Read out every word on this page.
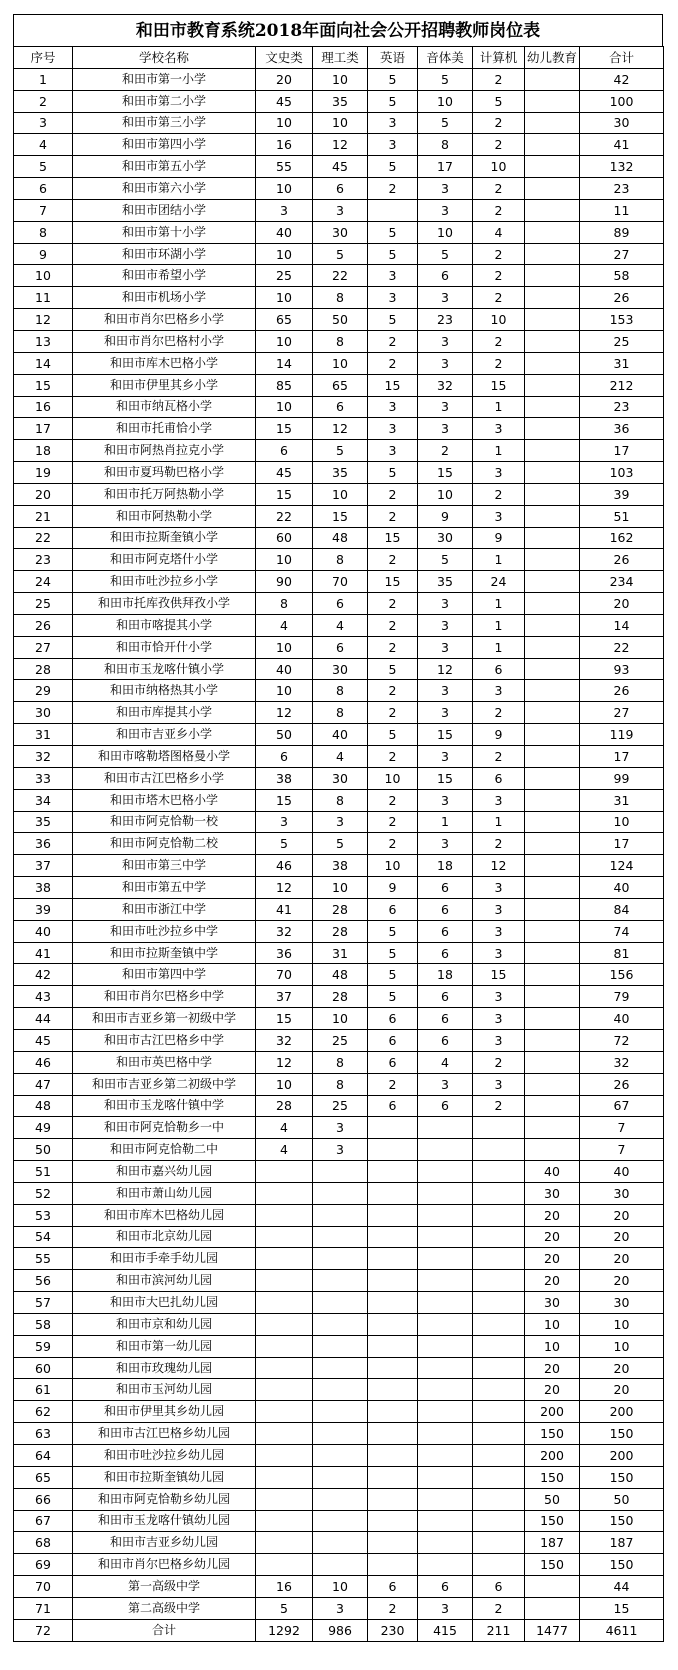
和田市教育系统2018年面向社会公开招聘教师岗位表
序号	学校名称	文史类	理工类	英语	音体美	计算机	幼儿教育	合计
1	和田市第一小学	20	10	5	5	2		42
2	和田市第二小学	45	35	5	10	5		100
3	和田市第三小学	10	10	3	5	2		30
4	和田市第四小学	16	12	3	8	2		41
5	和田市第五小学	55	45	5	17	10		132
6	和田市第六小学	10	6	2	3	2		23
7	和田市团结小学	3	3		3	2		11
8	和田市第十小学	40	30	5	10	4		89
9	和田市环湖小学	10	5	5	5	2		27
10	和田市希望小学	25	22	3	6	2		58
11	和田市机场小学	10	8	3	3	2		26
12	和田市肖尔巴格乡小学	65	50	5	23	10		153
13	和田市肖尔巴格村小学	10	8	2	3	2		25
14	和田市库木巴格小学	14	10	2	3	2		31
15	和田市伊里其乡小学	85	65	15	32	15		212
16	和田市纳瓦格小学	10	6	3	3	1		23
17	和田市托甫恰小学	15	12	3	3	3		36
18	和田市阿热肖拉克小学	6	5	3	2	1		17
19	和田市夏玛勒巴格小学	45	35	5	15	3		103
20	和田市托万阿热勒小学	15	10	2	10	2		39
21	和田市阿热勒小学	22	15	2	9	3		51
22	和田市拉斯奎镇小学	60	48	15	30	9		162
23	和田市阿克塔什小学	10	8	2	5	1		26
24	和田市吐沙拉乡小学	90	70	15	35	24		234
25	和田市托库孜供拜孜小学	8	6	2	3	1		20
26	和田市喀提其小学	4	4	2	3	1		14
27	和田市恰开什小学	10	6	2	3	1		22
28	和田市玉龙喀什镇小学	40	30	5	12	6		93
29	和田市纳格热其小学	10	8	2	3	3		26
30	和田市库提其小学	12	8	2	3	2		27
31	和田市吉亚乡小学	50	40	5	15	9		119
32	和田市喀勒塔图格曼小学	6	4	2	3	2		17
33	和田市古江巴格乡小学	38	30	10	15	6		99
34	和田市塔木巴格小学	15	8	2	3	3		31
35	和田市阿克恰勒一校	3	3	2	1	1		10
36	和田市阿克恰勒二校	5	5	2	3	2		17
37	和田市第三中学	46	38	10	18	12		124
38	和田市第五中学	12	10	9	6	3		40
39	和田市浙江中学	41	28	6	6	3		84
40	和田市吐沙拉乡中学	32	28	5	6	3		74
41	和田市拉斯奎镇中学	36	31	5	6	3		81
42	和田市第四中学	70	48	5	18	15		156
43	和田市肖尔巴格乡中学	37	28	5	6	3		79
44	和田市吉亚乡第一初级中学	15	10	6	6	3		40
45	和田市古江巴格乡中学	32	25	6	6	3		72
46	和田市英巴格中学	12	8	6	4	2		32
47	和田市吉亚乡第二初级中学	10	8	2	3	3		26
48	和田市玉龙喀什镇中学	28	25	6	6	2		67
49	和田市阿克恰勒乡一中	4	3					7
50	和田市阿克恰勒二中	4	3					7
51	和田市嘉兴幼儿园						40	40
52	和田市萧山幼儿园						30	30
53	和田市库木巴格幼儿园						20	20
54	和田市北京幼儿园						20	20
55	和田市手牵手幼儿园						20	20
56	和田市滨河幼儿园						20	20
57	和田市大巴扎幼儿园						30	30
58	和田市京和幼儿园						10	10
59	和田市第一幼儿园						10	10
60	和田市玫瑰幼儿园						20	20
61	和田市玉河幼儿园						20	20
62	和田市伊里其乡幼儿园						200	200
63	和田市古江巴格乡幼儿园						150	150
64	和田市吐沙拉乡幼儿园						200	200
65	和田市拉斯奎镇幼儿园						150	150
66	和田市阿克恰勒乡幼儿园						50	50
67	和田市玉龙喀什镇幼儿园						150	150
68	和田市吉亚乡幼儿园						187	187
69	和田市肖尔巴格乡幼儿园						150	150
70	第一高级中学	16	10	6	6	6		44
71	第二高级中学	5	3	2	3	2		15
72	合计	1292	986	230	415	211	1477	4611
